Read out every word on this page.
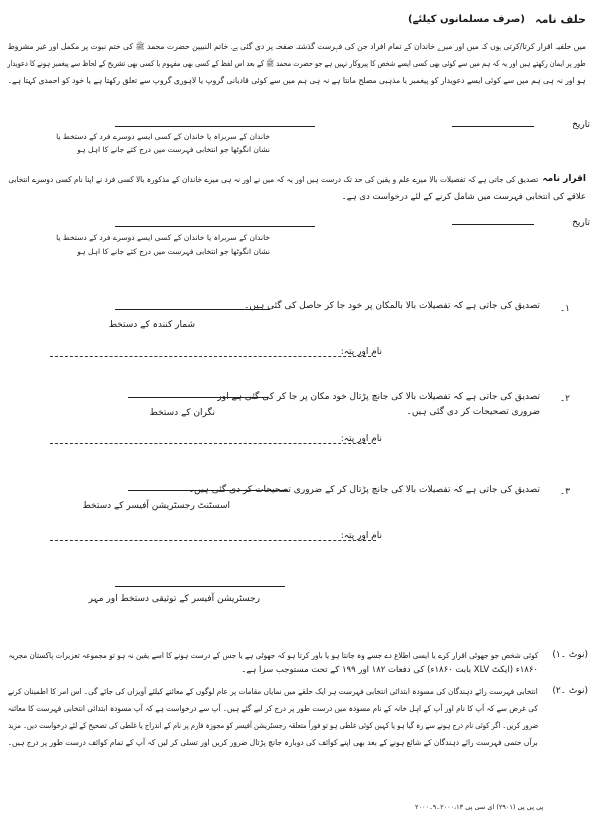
حلف نامہ
(صرف مسلمانوں کیلئے)
میں حلفیہ اقرار کرتا/کرتی ہوں کہ میں اور میرے خاندان کے تمام افراد جن کی فہرست گذشتہ صفحہ پر دی گئی ہے۔ خاتم النبیین حضرت محمد ﷺ کی ختم نبوت پر مکمل اور غیر مشروط
طور پر ایمان رکھتے ہیں اور یہ کہ ہم میں سے کوئی بھی کسی ایسے شخص کا پیروکار نہیں ہے جو حضرت محمد ﷺ کے بعد اس لفظ کے کسی بھی مفہوم یا کسی بھی تشریح کے لحاظ سے پیغمبر ہونے کا دعویدار
ہو اور نہ ہی ہم میں سے کوئی ایسے دعویدار کو پیغمبر یا مذہبی مصلح مانتا ہے نہ ہی ہم میں سے کوئی قادیانی گروپ یا لاہوری گروپ سے تعلق رکھتا ہے یا خود کو احمدی کہتا ہے۔
تاریخ
خاندان کے سربراہ یا خاندان کے کسی ایسے دوسرے فرد کے دستخط یا
نشان انگوٹھا جو انتخابی فہرست میں درج کئے جانے کا اہل ہو
اقرار نامہ
تصدیق کی جاتی ہے کہ تفصیلات بالا میرے علم و یقین کی حد تک درست ہیں اور یہ کہ میں نے اور نہ ہی میرے خاندان کے مذکورہ بالا کسی فرد نے اپنا نام کسی دوسرے انتخابی
علاقے کی انتخابی فہرست میں شامل کرنے کے لئے درخواست دی ہے۔
تاریخ
خاندان کے سربراہ یا خاندان کے کسی ایسے دوسرے فرد کے دستخط یا
نشان انگوٹھا جو انتخابی فہرست میں درج کئے جانے کا اہل ہو
۱۔
تصدیق کی جاتی ہے کہ تفصیلات بالا بالمکان پر خود جا کر حاصل کی گئی ہیں۔
شمار کنندہ کے دستخط
نام اور پتہ:
۲۔
تصدیق کی جاتی ہے کہ تفصیلات بالا کی جانچ پڑتال خود مکان پر جا کر کی گئی ہے اور
ضروری تصحیحات کر دی گئی ہیں۔
نگران کے دستخط
نام اور پتہ:
۳۔
تصدیق کی جاتی ہے کہ تفصیلات بالا کی جانچ پڑتال کر کے ضروری تصحیحات کر دی گئی ہیں۔
اسسٹنٹ رجسٹریشن آفیسر کے دستخط
نام اور پتہ:
رجسٹریشن آفیسر کے توثیقی دستخط اور مہر
(نوٹ ۔۱)
کوئی شخص جو جھوٹی اقرار کرے یا ایسی اطلاع دے جسے وہ جانتا ہو یا باور کرتا ہو کہ جھوٹی ہے یا جس کے درست ہونے کا اسے یقین نہ ہو تو مجموعہ تعزیرات پاکستان مجریہ
۱۸۶۰ء (ایکٹ XLV بابت ۱۸۶۰ء) کی دفعات ۱۸۲ اور ۱۹۹ کے تحت مستوجب سزا ہے۔
(نوٹ ۔۲)
انتخابی فہرست رائے دہندگان کی مسودہ ابتدائی انتخابی فہرست ہر ایک حلقے میں نمایاں مقامات پر عام لوگوں کے معائنے کیلئے آویزاں کی جائے گی۔ اس امر کا اطمینان کرنے
کی غرض سے کہ آپ کا نام اور آپ کے اہل خانہ کے نام مسودہ میں درست طور پر درج کر لیے گئے ہیں۔ آپ سے درخواست ہے کہ آپ مسودہ ابتدائی انتخابی فہرست کا معائنہ
ضرور کریں۔ اگر کوئی نام درج ہونے سے رہ گیا ہو یا کہیں کوئی غلطی ہو تو فوراً متعلقہ رجسٹریشن آفیسر کو مجوزہ فارم پر نام کے اندراج یا غلطی کی تصحیح کے لئے درخواست دیں۔ مزید
برآں حتمی فہرست رائے دہندگان کے شائع ہونے کے بعد بھی اپنے کوائف کی دوبارہ جانچ پڑتال ضرور کریں اور تسلی کر لیں کہ آپ کے تمام کوائف درست طور پر درج ہیں۔
پی پی پی (۲۹۰۱) ای سی پی ۲۰۰۰،۱۳۔۹۔۲۰۰۰
